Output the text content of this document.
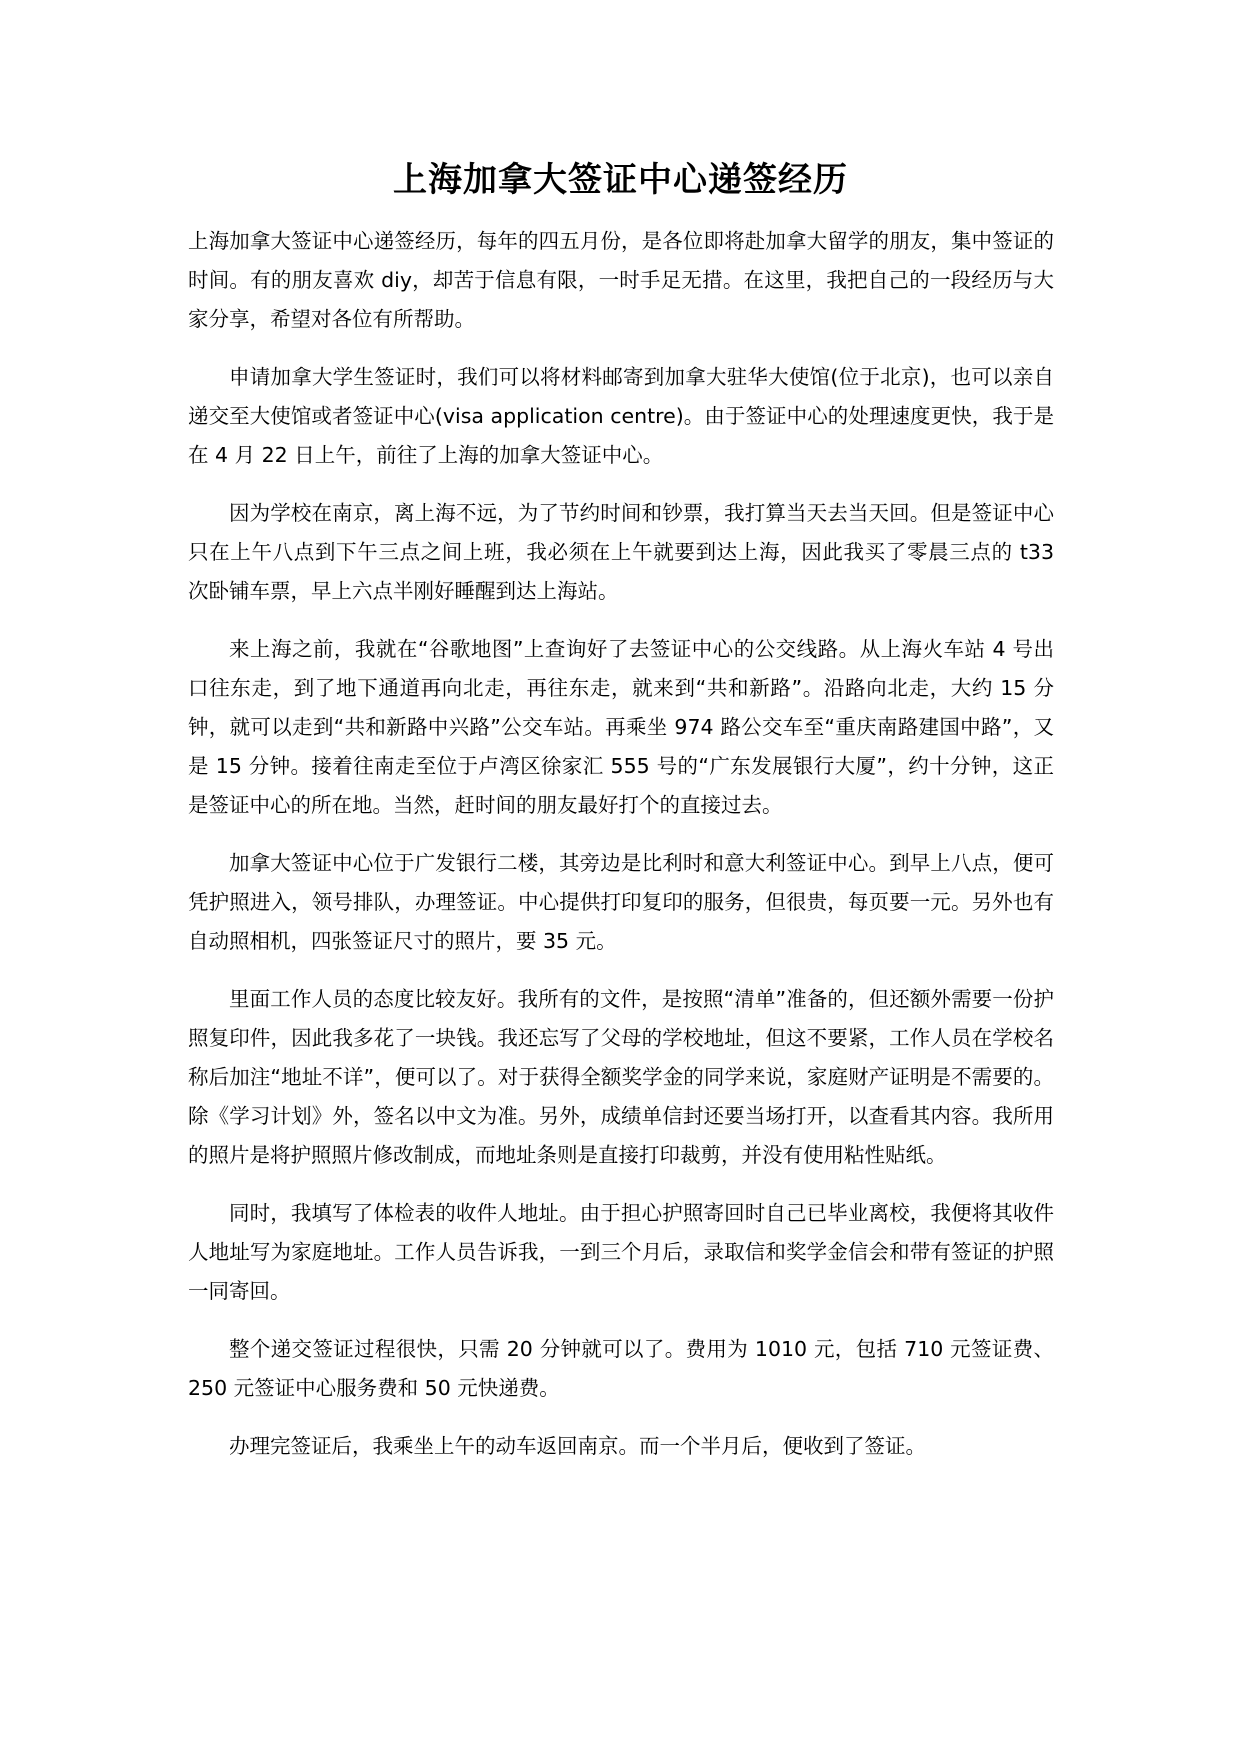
上海加拿大签证中心递签经历

上海加拿大签证中心递签经历，每年的四五月份，是各位即将赴加拿大留学的朋友，集中签证的时间。有的朋友喜欢 diy，却苦于信息有限，一时手足无措。在这里，我把自己的一段经历与大家分享，希望对各位有所帮助。

申请加拿大学生签证时，我们可以将材料邮寄到加拿大驻华大使馆(位于北京)，也可以亲自递交至大使馆或者签证中心(visa application centre)。由于签证中心的处理速度更快，我于是在 4 月 22 日上午，前往了上海的加拿大签证中心。

因为学校在南京，离上海不远，为了节约时间和钞票，我打算当天去当天回。但是签证中心只在上午八点到下午三点之间上班，我必须在上午就要到达上海，因此我买了零晨三点的 t33 次卧铺车票，早上六点半刚好睡醒到达上海站。

来上海之前，我就在“谷歌地图”上查询好了去签证中心的公交线路。从上海火车站 4 号出口往东走，到了地下通道再向北走，再往东走，就来到“共和新路”。沿路向北走，大约 15 分钟，就可以走到“共和新路中兴路”公交车站。再乘坐 974 路公交车至“重庆南路建国中路”，又是 15 分钟。接着往南走至位于卢湾区徐家汇 555 号的“广东发展银行大厦”，约十分钟，这正是签证中心的所在地。当然，赶时间的朋友最好打个的直接过去。

加拿大签证中心位于广发银行二楼，其旁边是比利时和意大利签证中心。到早上八点，便可凭护照进入，领号排队，办理签证。中心提供打印复印的服务，但很贵，每页要一元。另外也有自动照相机，四张签证尺寸的照片，要 35 元。

里面工作人员的态度比较友好。我所有的文件，是按照“清单”准备的，但还额外需要一份护照复印件，因此我多花了一块钱。我还忘写了父母的学校地址，但这不要紧，工作人员在学校名称后加注“地址不详”，便可以了。对于获得全额奖学金的同学来说，家庭财产证明是不需要的。除《学习计划》外，签名以中文为准。另外，成绩单信封还要当场打开，以查看其内容。我所用的照片是将护照照片修改制成，而地址条则是直接打印裁剪，并没有使用粘性贴纸。

同时，我填写了体检表的收件人地址。由于担心护照寄回时自己已毕业离校，我便将其收件人地址写为家庭地址。工作人员告诉我，一到三个月后，录取信和奖学金信会和带有签证的护照一同寄回。

整个递交签证过程很快，只需 20 分钟就可以了。费用为 1010 元，包括 710 元签证费、250 元签证中心服务费和 50 元快递费。

办理完签证后，我乘坐上午的动车返回南京。而一个半月后，便收到了签证。
